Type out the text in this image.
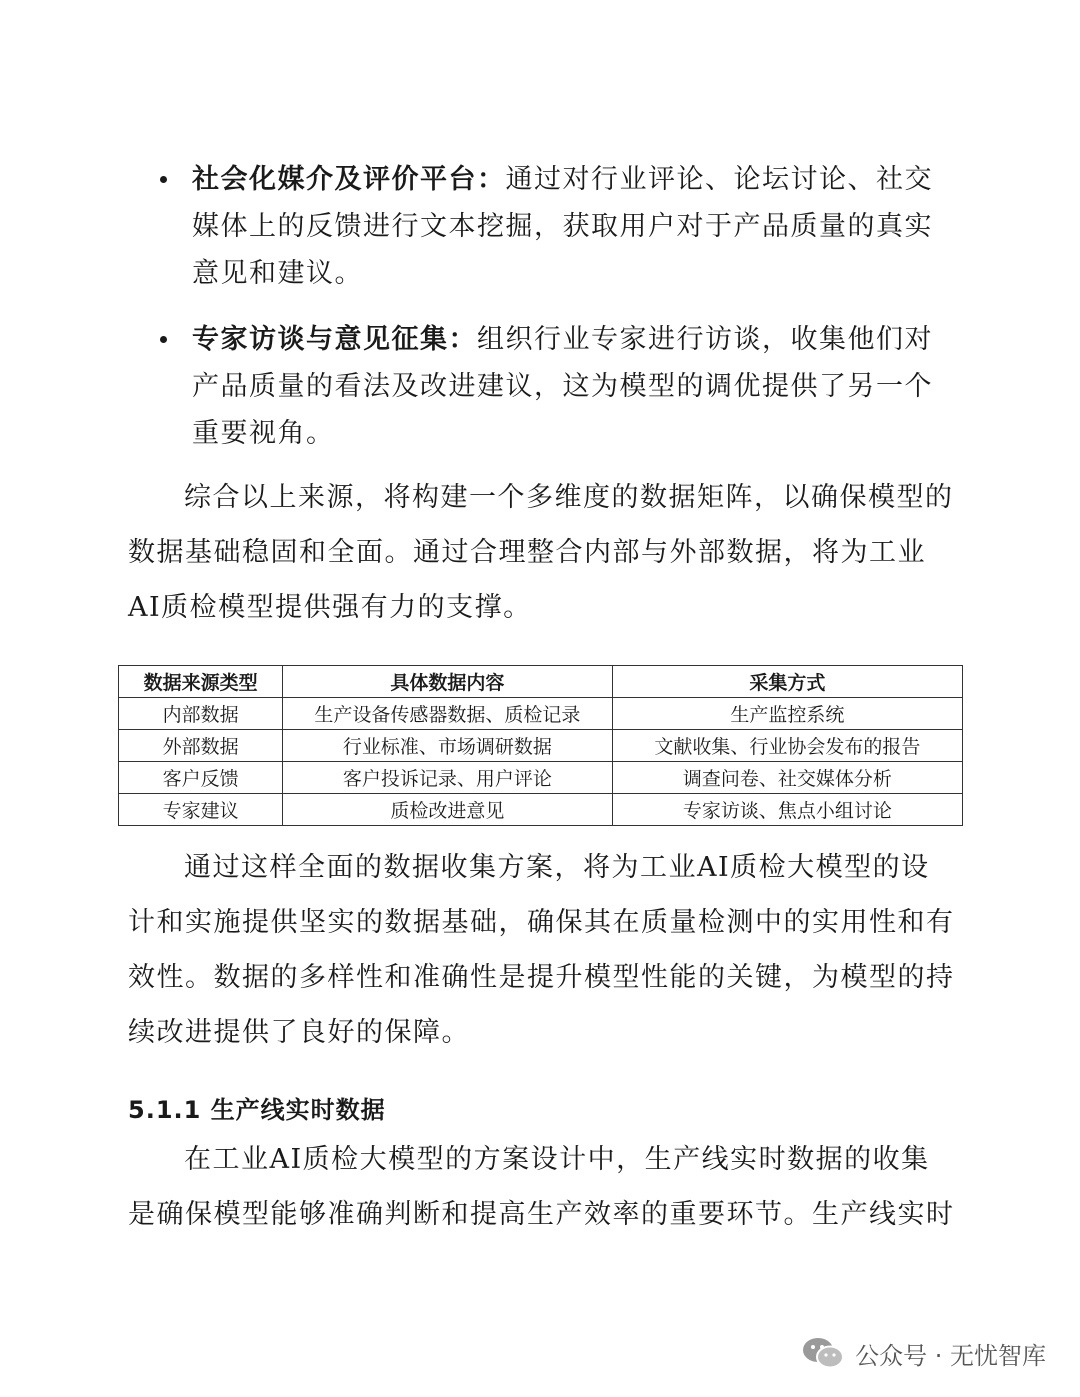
社会化媒介及评价平台：通过对行业评论、论坛讨论、社交媒体上的反馈进行文本挖掘，获取用户对于产品质量的真实意见和建议。
专家访谈与意见征集：组织行业专家进行访谈，收集他们对产品质量的看法及改进建议，这为模型的调优提供了另一个重要视角。

综合以上来源，将构建一个多维度的数据矩阵，以确保模型的数据基础稳固和全面。通过合理整合内部与外部数据，将为工业AI质检模型提供强有力的支撑。

数据来源类型	具体数据内容	采集方式
内部数据	生产设备传感器数据、质检记录	生产监控系统
外部数据	行业标准、市场调研数据	文献收集、行业协会发布的报告
客户反馈	客户投诉记录、用户评论	调查问卷、社交媒体分析
专家建议	质检改进意见	专家访谈、焦点小组讨论

通过这样全面的数据收集方案，将为工业AI质检大模型的设计和实施提供坚实的数据基础，确保其在质量检测中的实用性和有效性。数据的多样性和准确性是提升模型性能的关键，为模型的持续改进提供了良好的保障。

5.1.1 生产线实时数据

在工业AI质检大模型的方案设计中，生产线实时数据的收集是确保模型能够准确判断和提高生产效率的重要环节。生产线实时

公众号 · 无忧智库
